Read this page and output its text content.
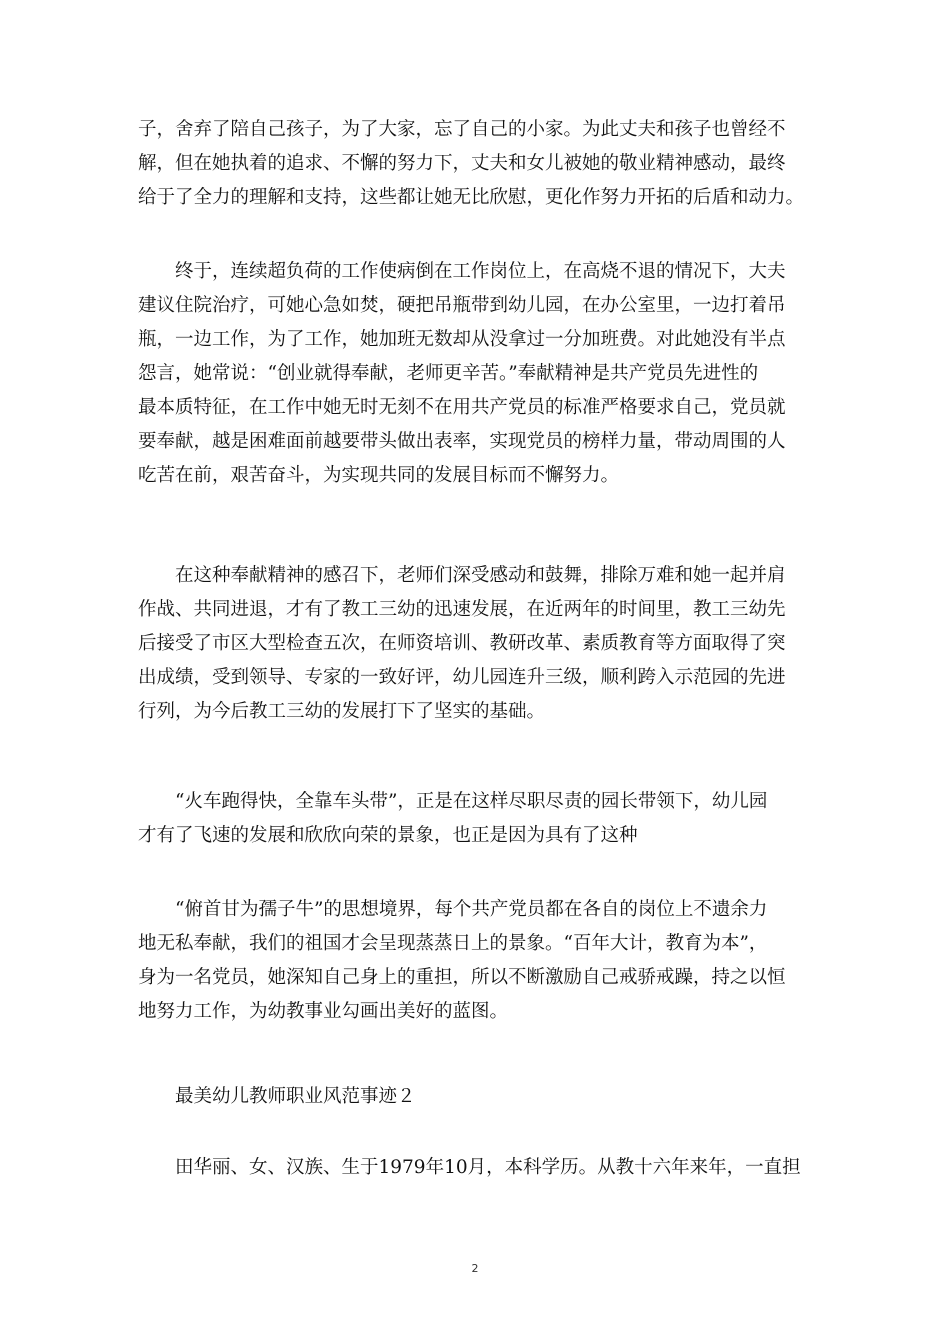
子，舍弃了陪自己孩子，为了大家，忘了自己的小家。为此丈夫和孩子也曾经不
解，但在她执着的追求、不懈的努力下，丈夫和女儿被她的敬业精神感动，最终
给于了全力的理解和支持，这些都让她无比欣慰，更化作努力开拓的后盾和动力。
终于，连续超负荷的工作使病倒在工作岗位上，在高烧不退的情况下，大夫
建议住院治疗，可她心急如焚，硬把吊瓶带到幼儿园，在办公室里，一边打着吊
瓶，一边工作，为了工作，她加班无数却从没拿过一分加班费。对此她没有半点
怨言，她常说：“创业就得奉献，老师更辛苦。”奉献精神是共产党员先进性的
最本质特征，在工作中她无时无刻不在用共产党员的标准严格要求自己，党员就
要奉献，越是困难面前越要带头做出表率，实现党员的榜样力量，带动周围的人
吃苦在前，艰苦奋斗，为实现共同的发展目标而不懈努力。
在这种奉献精神的感召下，老师们深受感动和鼓舞，排除万难和她一起并肩
作战、共同进退，才有了教工三幼的迅速发展，在近两年的时间里，教工三幼先
后接受了市区大型检查五次，在师资培训、教研改革、素质教育等方面取得了突
出成绩，受到领导、专家的一致好评，幼儿园连升三级，顺利跨入示范园的先进
行列，为今后教工三幼的发展打下了坚实的基础。
“火车跑得快，全靠车头带”，正是在这样尽职尽责的园长带领下，幼儿园
才有了飞速的发展和欣欣向荣的景象，也正是因为具有了这种
“俯首甘为孺子牛”的思想境界，每个共产党员都在各自的岗位上不遗余力
地无私奉献，我们的祖国才会呈现蒸蒸日上的景象。“百年大计，教育为本”，
身为一名党员，她深知自己身上的重担，所以不断激励自己戒骄戒躁，持之以恒
地努力工作，为幼教事业勾画出美好的蓝图。
最美幼儿教师职业风范事迹２
田华丽、女、汉族、生于1979年10月，本科学历。从教十六年来年，一直担
2
